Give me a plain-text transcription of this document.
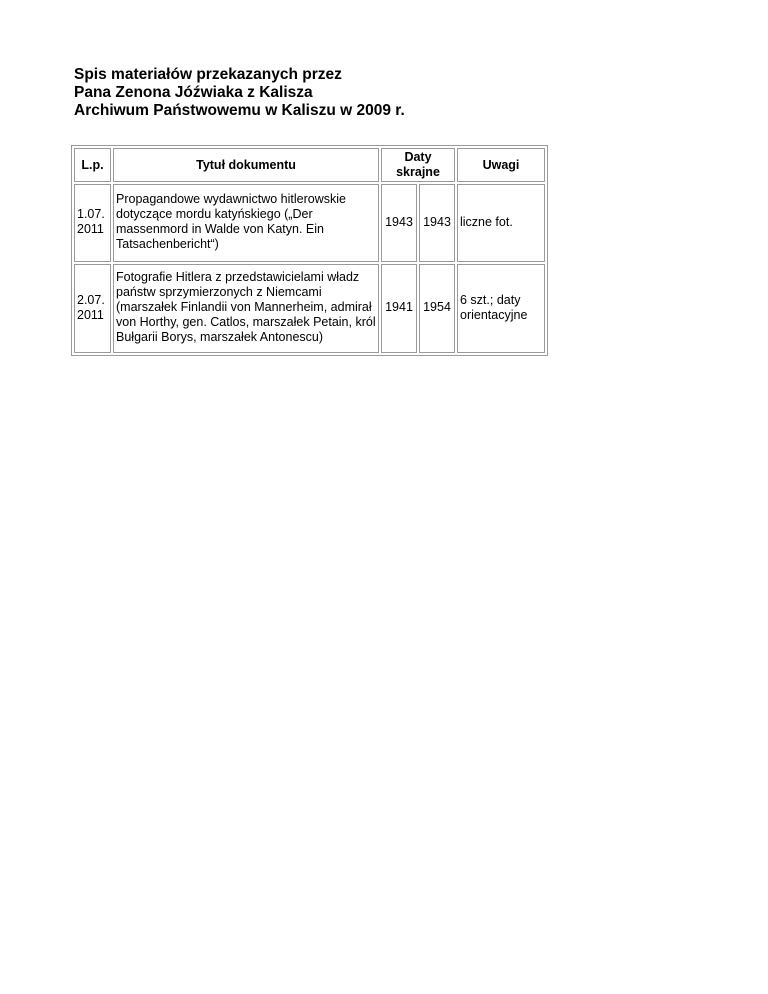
Spis materiałów przekazanych przez
Pana Zenona Jóźwiaka z Kalisza
Archiwum Państwowemu w Kaliszu w 2009 r.
L.p.	Tytuł dokumentu	Daty skrajne		Uwagi

1.07.
2011	Propagandowe wydawnictwo hitlerowskie dotyczące mordu katyńskiego („Der massenmord in Walde von Katyn. Ein Tatsachenbericht“)	1943	1943	liczne fot.

2.07.
2011	Fotografie Hitlera z przedstawicielami władz państw sprzymierzonych z Niemcami (marszałek Finlandii von Mannerheim, admirał von Horthy, gen. Catlos, marszałek Petain, król Bułgarii Borys, marszałek Antonescu)	1941	1954	6 szt.; daty orientacyjne
